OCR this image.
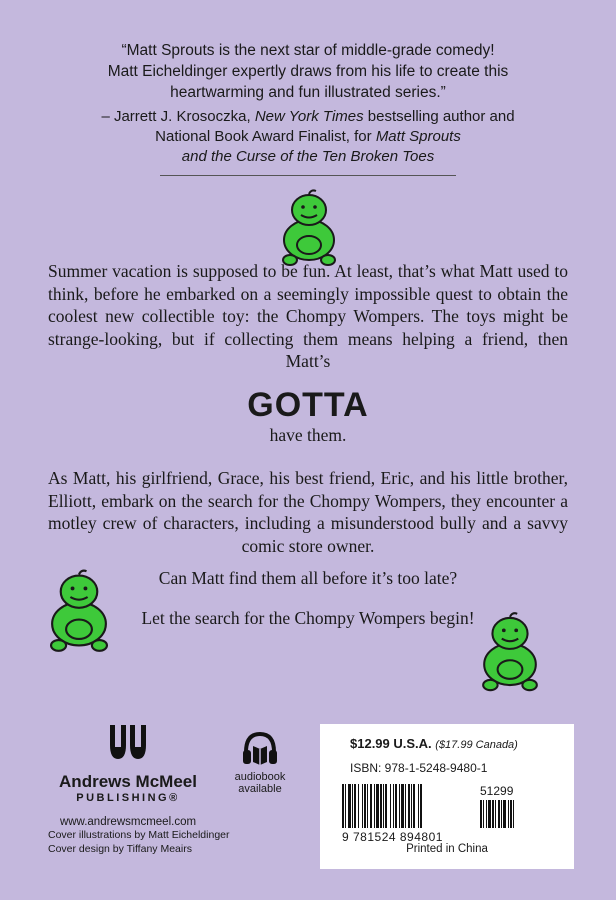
“Matt Sprouts is the next star of middle-grade comedy!
Matt Eicheldinger expertly draws from his life to create this
heartwarming and fun illustrated series.”
– Jarrett J. Krosoczka, New York Times bestselling author and
National Book Award Finalist, for Matt Sprouts
and the Curse of the Ten Broken Toes
Summer vacation is supposed to be fun. At least, that’s what Matt used to think, before he embarked on a seemingly impossible quest to obtain the coolest new collectible toy: the Chompy Wompers. The toys might be strange-looking, but if collecting them means helping a friend, then Matt’s
GOTTA
have them.
As Matt, his girlfriend, Grace, his best friend, Eric, and his little brother, Elliott, embark on the search for the Chompy Wompers, they encounter a motley crew of characters, including a misunderstood bully and a savvy comic store owner.
Can Matt find them all before it’s too late?
Let the search for the Chompy Wompers begin!
Andrews McMeel
PUBLISHING®
www.andrewsmcmeel.com
Cover illustrations by Matt Eicheldinger
Cover design by Tiffany Meairs
audiobook
available
$12.99 U.S.A. ($17.99 Canada)
ISBN: 978-1-5248-9480-1
9 781524 894801
51299
Printed in China
